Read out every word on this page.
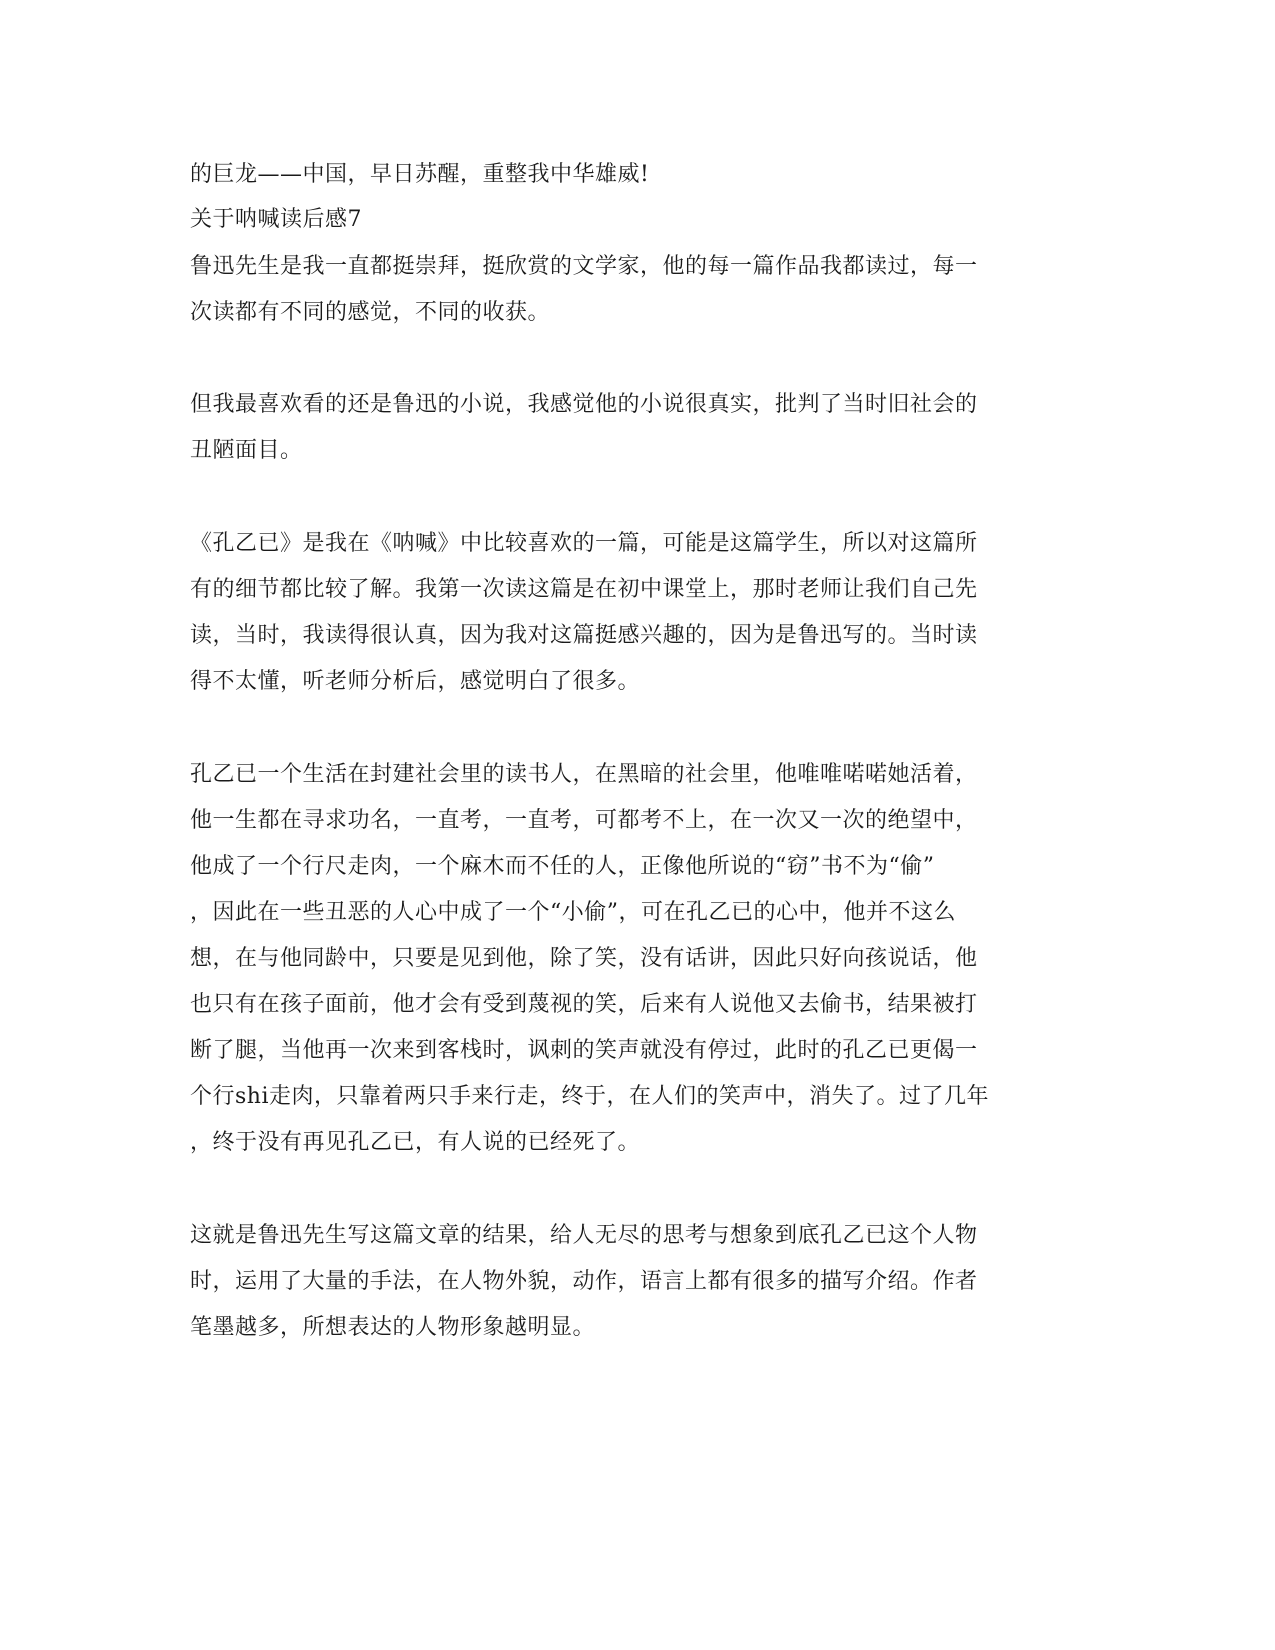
的巨龙——中国，早日苏醒，重整我中华雄威!
关于呐喊读后感7
鲁迅先生是我一直都挺崇拜，挺欣赏的文学家，他的每一篇作品我都读过，每一
次读都有不同的感觉，不同的收获。
但我最喜欢看的还是鲁迅的小说，我感觉他的小说很真实，批判了当时旧社会的
丑陋面目。
《孔乙已》是我在《呐喊》中比较喜欢的一篇，可能是这篇学生，所以对这篇所
有的细节都比较了解。我第一次读这篇是在初中课堂上，那时老师让我们自己先
读，当时，我读得很认真，因为我对这篇挺感兴趣的，因为是鲁迅写的。当时读
得不太懂，听老师分析后，感觉明白了很多。
孔乙已一个生活在封建社会里的读书人，在黑暗的社会里，他唯唯喏喏她活着，
他一生都在寻求功名，一直考，一直考，可都考不上，在一次又一次的绝望中，
他成了一个行尺走肉，一个麻木而不任的人，正像他所说的“窃”书不为“偷”
，因此在一些丑恶的人心中成了一个“小偷”，可在孔乙已的心中，他并不这么
想，在与他同龄中，只要是见到他，除了笑，没有话讲，因此只好向孩说话，他
也只有在孩子面前，他才会有受到蔑视的笑，后来有人说他又去偷书，结果被打
断了腿，当他再一次来到客栈时，讽刺的笑声就没有停过，此时的孔乙已更偈一
个行shi走肉，只靠着两只手来行走，终于，在人们的笑声中，消失了。过了几年
，终于没有再见孔乙已，有人说的已经死了。
这就是鲁迅先生写这篇文章的结果，给人无尽的思考与想象到底孔乙已这个人物
时，运用了大量的手法，在人物外貌，动作，语言上都有很多的描写介绍。作者
笔墨越多，所想表达的人物形象越明显。
